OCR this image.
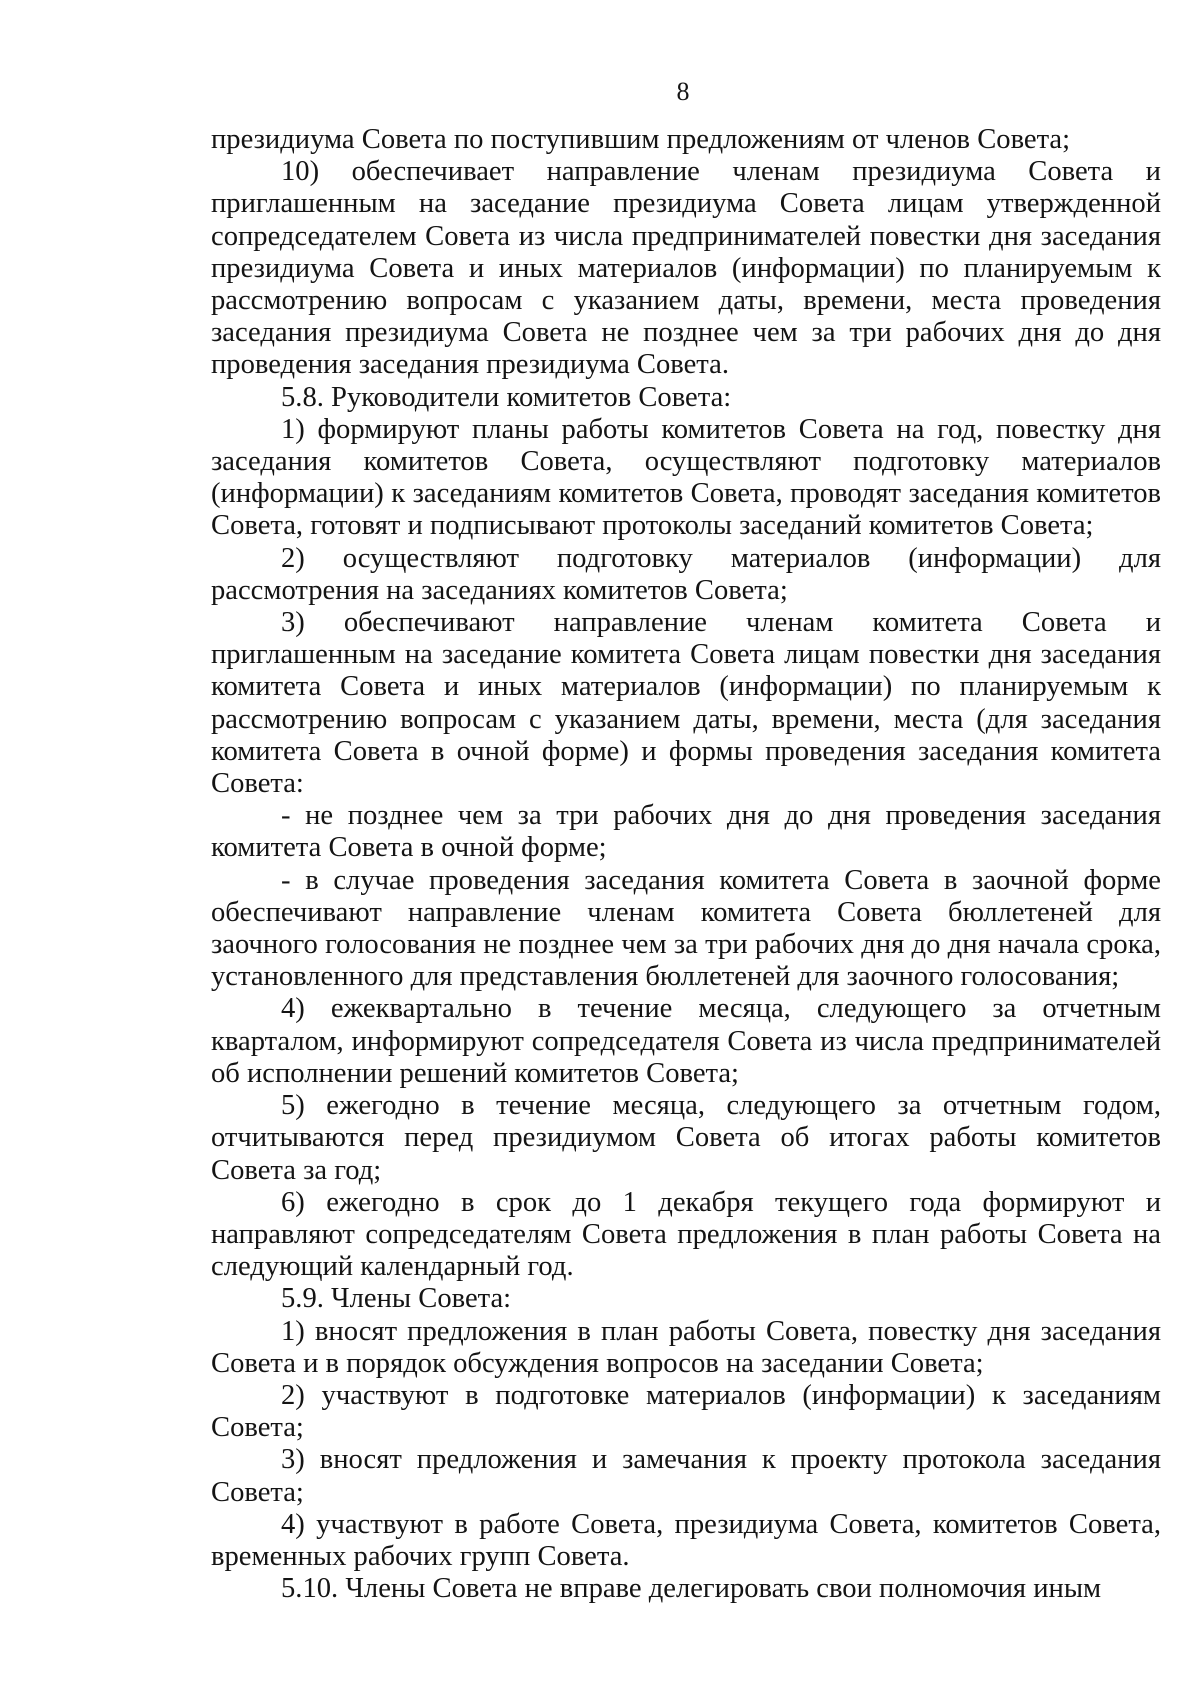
8

президиума Совета по поступившим предложениям от членов Совета;

10) обеспечивает направление членам президиума Совета и приглашенным на заседание президиума Совета лицам утвержденной сопредседателем Совета из числа предпринимателей повестки дня заседания президиума Совета и иных материалов (информации) по планируемым к рассмотрению вопросам с указанием даты, времени, места проведения заседания президиума Совета не позднее чем за три рабочих дня до дня проведения заседания президиума Совета.

5.8. Руководители комитетов Совета:

1) формируют планы работы комитетов Совета на год, повестку дня заседания комитетов Совета, осуществляют подготовку материалов (информации) к заседаниям комитетов Совета, проводят заседания комитетов Совета, готовят и подписывают протоколы заседаний комитетов Совета;

2) осуществляют подготовку материалов (информации) для рассмотрения на заседаниях комитетов Совета;

3) обеспечивают направление членам комитета Совета и приглашенным на заседание комитета Совета лицам повестки дня заседания комитета Совета и иных материалов (информации) по планируемым к рассмотрению вопросам с указанием даты, времени, места (для заседания комитета Совета в очной форме) и формы проведения заседания комитета Совета:

- не позднее чем за три рабочих дня до дня проведения заседания комитета Совета в очной форме;

- в случае проведения заседания комитета Совета в заочной форме обеспечивают направление членам комитета Совета бюллетеней для заочного голосования не позднее чем за три рабочих дня до дня начала срока, установленного для представления бюллетеней для заочного голосования;

4) ежеквартально в течение месяца, следующего за отчетным кварталом, информируют сопредседателя Совета из числа предпринимателей об исполнении решений комитетов Совета;

5) ежегодно в течение месяца, следующего за отчетным годом, отчитываются перед президиумом Совета об итогах работы комитетов Совета за год;

6) ежегодно в срок до 1 декабря текущего года формируют и направляют сопредседателям Совета предложения в план работы Совета на следующий календарный год.

5.9. Члены Совета:

1) вносят предложения в план работы Совета, повестку дня заседания Совета и в порядок обсуждения вопросов на заседании Совета;

2) участвуют в подготовке материалов (информации) к заседаниям Совета;

3) вносят предложения и замечания к проекту протокола заседания Совета;

4) участвуют в работе Совета, президиума Совета, комитетов Совета, временных рабочих групп Совета.

5.10. Члены Совета не вправе делегировать свои полномочия иным
